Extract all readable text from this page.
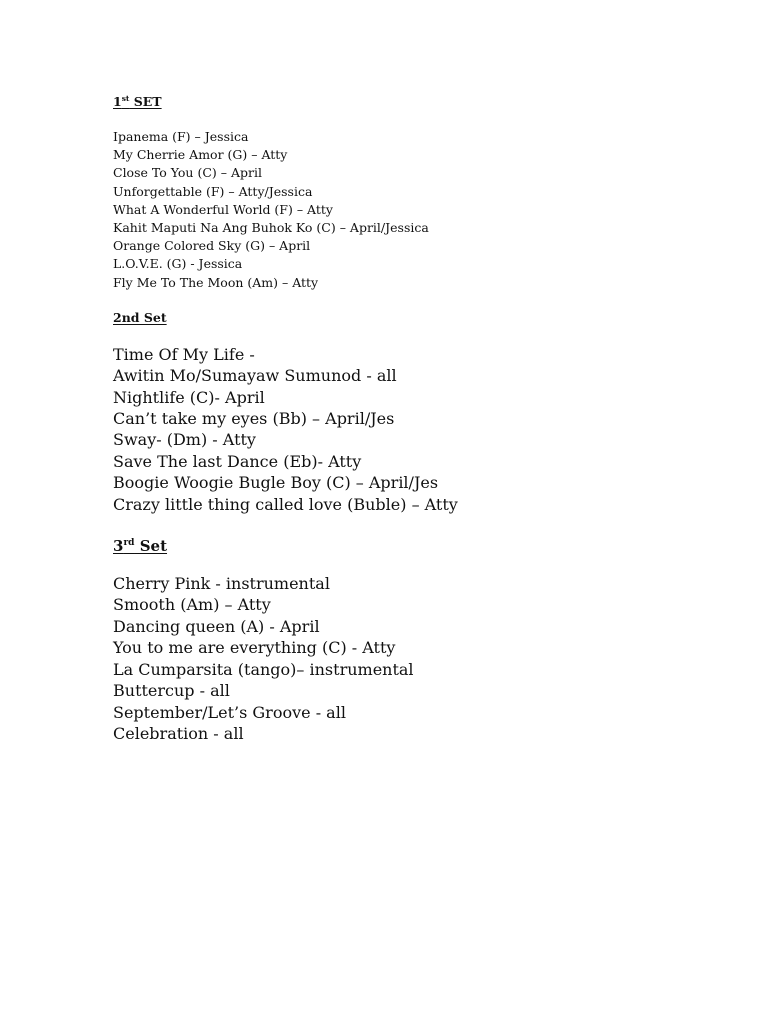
1st SET
Ipanema (F) – Jessica
My Cherrie Amor (G) – Atty
Close To You (C) – April
Unforgettable (F) – Atty/Jessica
What A Wonderful World (F) – Atty
Kahit Maputi Na Ang Buhok Ko (C) – April/Jessica
Orange Colored Sky (G) – April
L.O.V.E. (G) - Jessica
Fly Me To The Moon (Am) – Atty
2nd Set
Time Of My Life -
Awitin Mo/Sumayaw Sumunod - all
Nightlife (C)- April
Can’t take my eyes (Bb) – April/Jes
Sway- (Dm) - Atty
Save The last Dance (Eb)- Atty
Boogie Woogie Bugle Boy (C) – April/Jes
Crazy little thing called love (Buble) – Atty
3rd Set
Cherry Pink - instrumental
Smooth (Am) – Atty
Dancing queen (A) - April
You to me are everything (C) - Atty
La Cumparsita (tango)– instrumental
Buttercup - all
September/Let’s Groove - all
Celebration - all
